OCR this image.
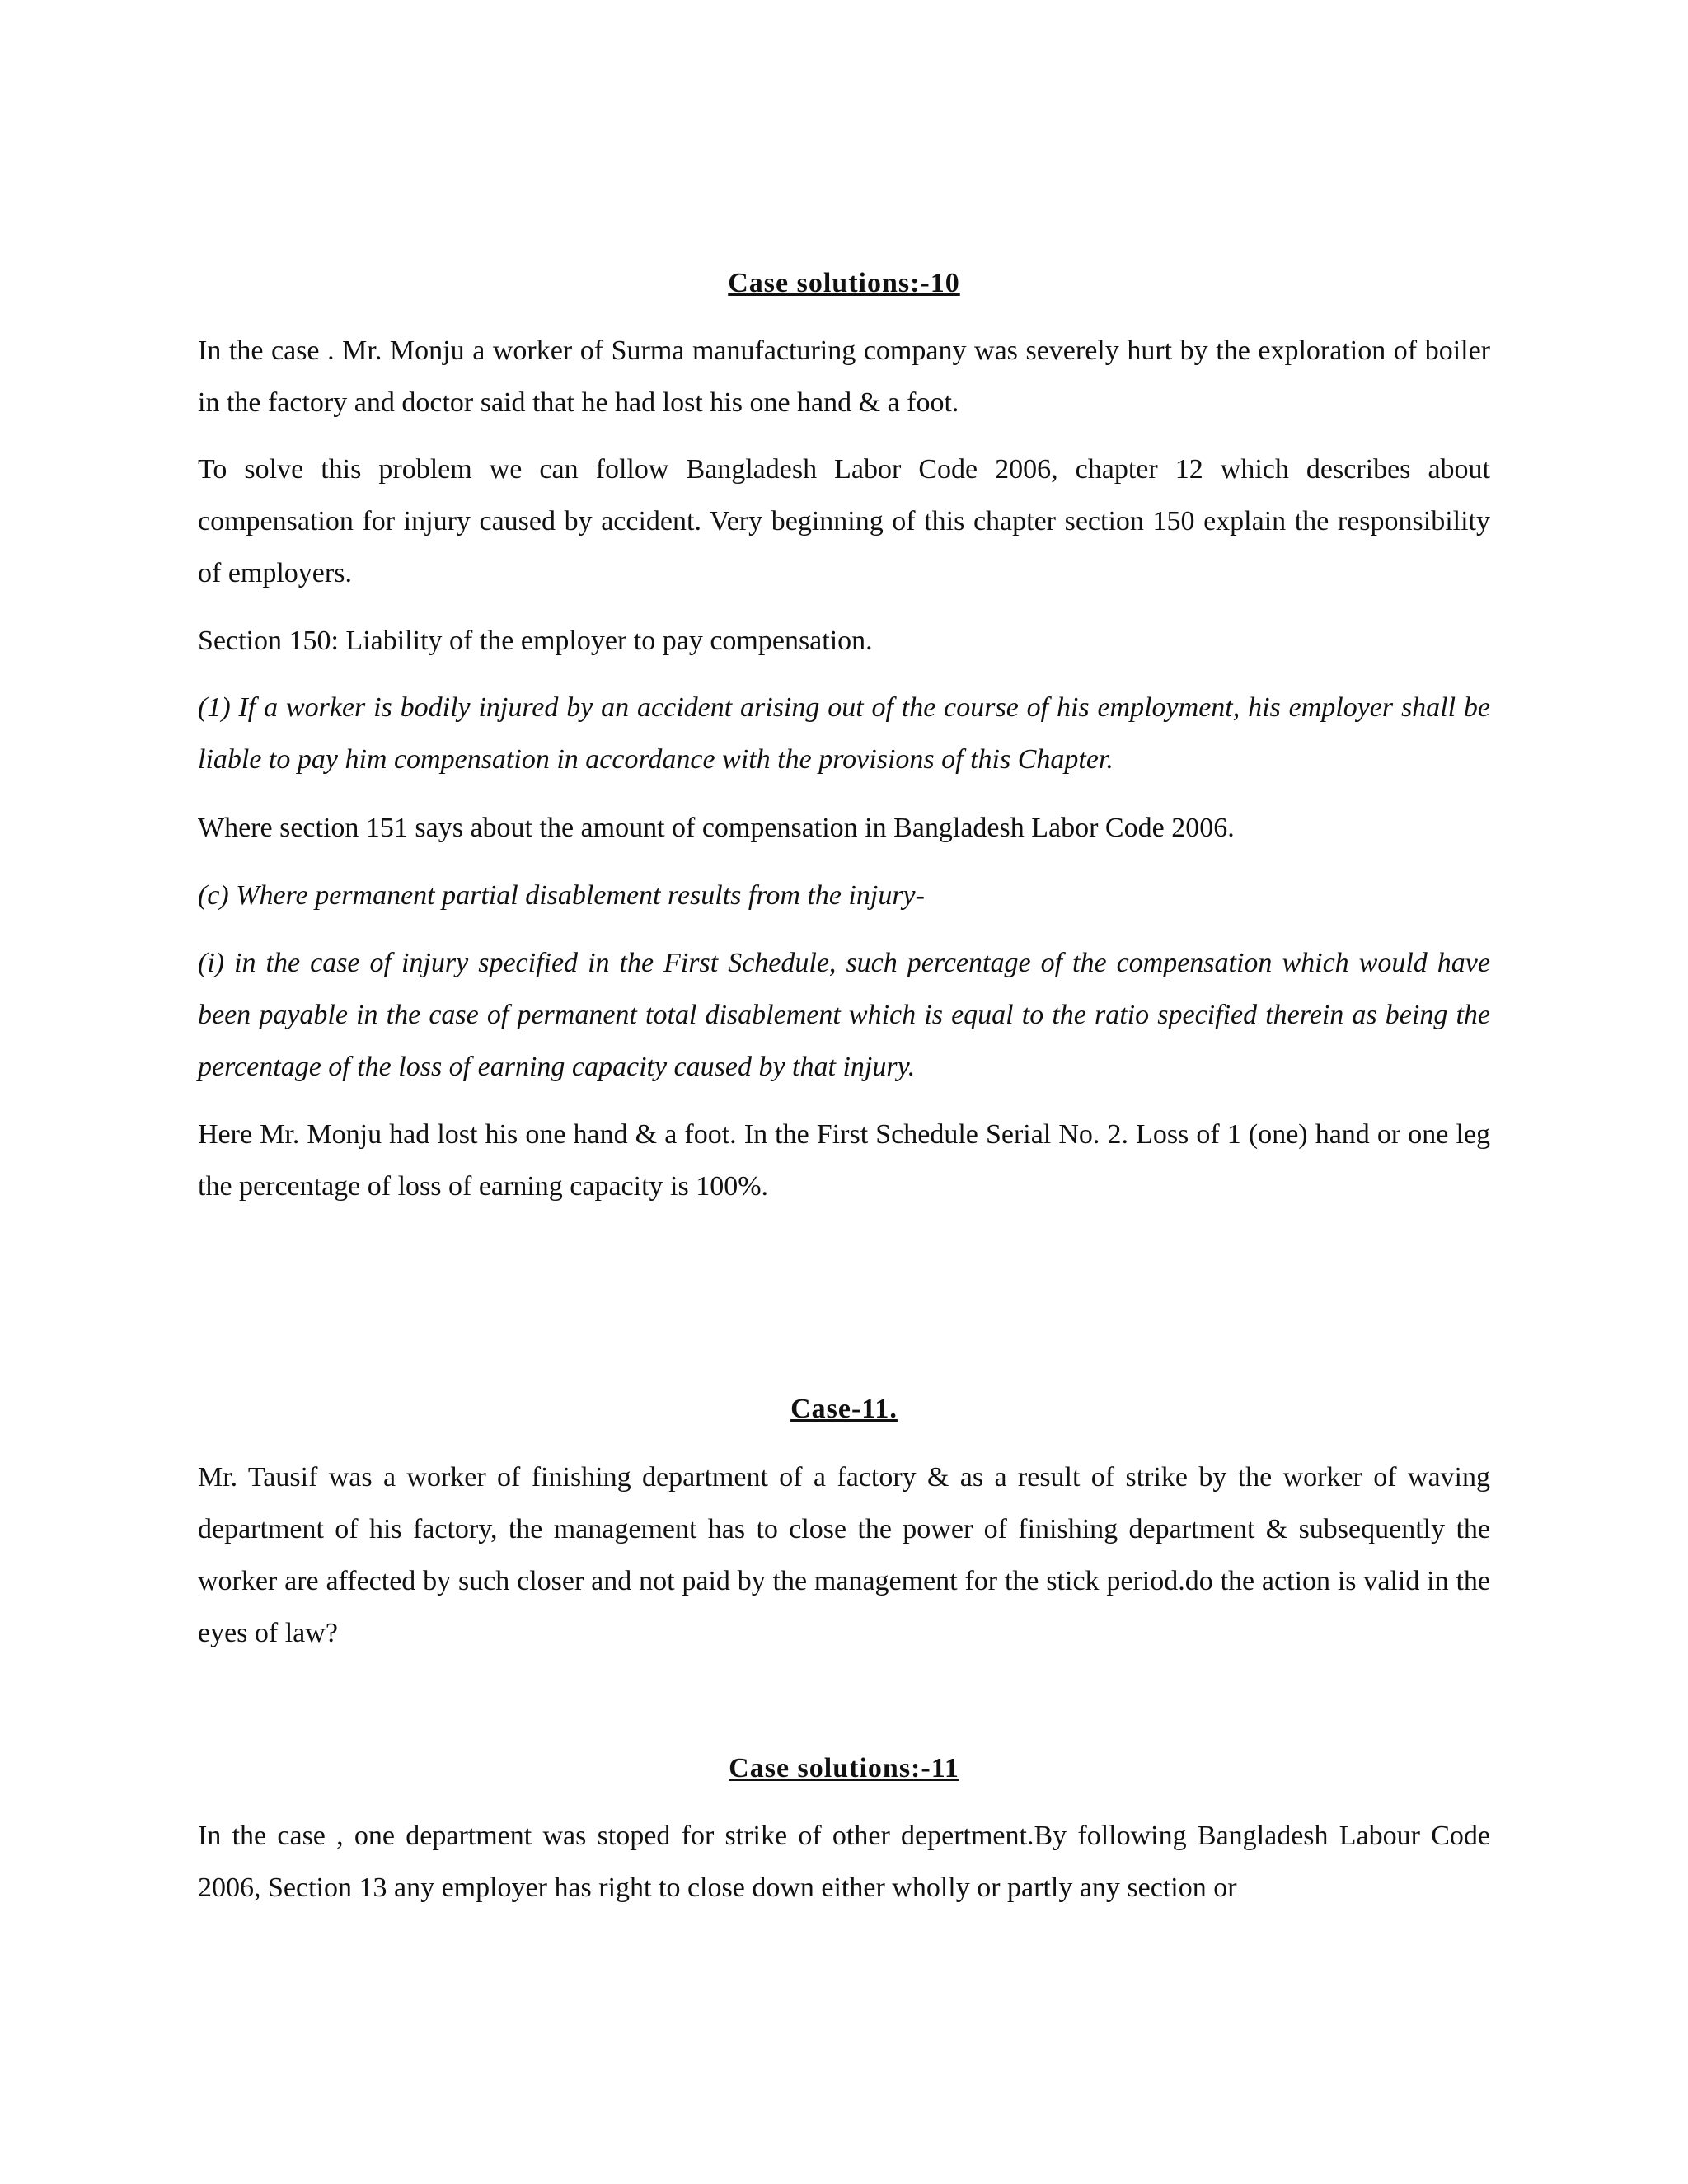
Case solutions:-10

In the case . Mr. Monju a worker of Surma manufacturing company was severely hurt by the exploration of boiler in the factory and doctor said that he had lost his one hand & a foot.

To solve this problem we can follow Bangladesh Labor Code 2006, chapter 12 which describes about compensation for injury caused by accident. Very beginning of this chapter section 150 explain the responsibility of employers.

Section 150: Liability of the employer to pay compensation.

(1) If a worker is bodily injured by an accident arising out of the course of his employment, his employer shall be liable to pay him compensation in accordance with the provisions of this Chapter.

Where section 151 says about the amount of compensation in Bangladesh Labor Code 2006.

(c) Where permanent partial disablement results from the injury-

(i) in the case of injury specified in the First Schedule, such percentage of the compensation which would have been payable in the case of permanent total disablement which is equal to the ratio specified therein as being the percentage of the loss of earning capacity caused by that injury.

Here Mr. Monju had lost his one hand & a foot. In the First Schedule Serial No. 2. Loss of 1 (one) hand or one leg the percentage of loss of earning capacity is 100%.

Case-11.

Mr. Tausif was a worker of finishing department of a factory & as a result of strike by the worker of waving department of his factory, the management has to close the power of finishing department & subsequently the worker are affected by such closer and not paid by the management for the stick period.do the action is valid in the eyes of law?

Case solutions:-11

In the case , one department was stoped for strike of other depertment.By following Bangladesh Labour Code 2006, Section 13 any employer has right to close down either wholly or partly any section or
